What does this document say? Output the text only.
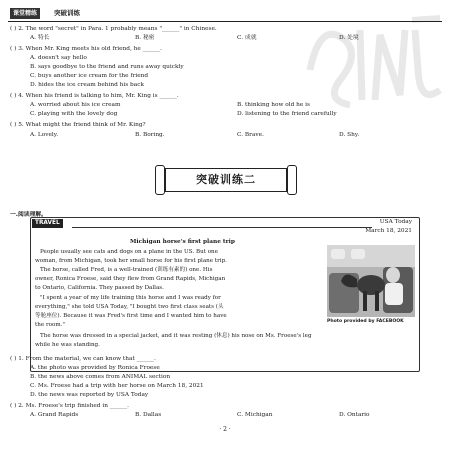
课堂精练	突破训练
( ) 2. The word "secret" in Para. 1 probably means "______" in Chinese.
A. 特长	B. 秘密	C. 成就	D. 处境
( ) 3. When Mr. King meets his old friend, he ______.
A. doesn't say hello
B. says goodbye to the friend and runs away quickly
C. buys another ice cream for the friend
D. hides the ice cream behind his back
( ) 4. When his friend is talking to him, Mr. King is ______.
A. worried about his ice cream	B. thinking how old he is
C. playing with the lovely dog	D. listening to the friend carefully
( ) 5. What might the friend think of Mr. King?
A. Lovely.	B. Boring.	C. Brave.	D. Shy.
突破训练二
一.阅读理解。
TRAVEL	USA Today
March 18, 2021
Michigan horse's first plane trip
People usually see cats and dogs on a plane in the US. But one
woman, from Michigan, took her small horse for his first plane trip.
The horse, called Fred, is a well-trained (训练有素的) one. His
owner, Ronica Froese, said they flew from Grand Rapids, Michigan
to Ontario, California. They passed by Dallas.
"I spent a year of my life training this horse and I was ready for
everything," she told USA Today, "I bought two first class seats (头
等舱座位). Because it was Fred's first time and I wanted him to have
the room."
The horse was dressed in a special jacket, and it was resting (休息) his nose on Ms. Froese's leg
while he was standing.
Photo provided by FACEBOOK
( ) 1. From the material, we can know that ______.
A. the photo was provided by Ronica Froese
B. the news above comes from ANIMAL section
C. Ms. Froese had a trip with her horse on March 18, 2021
D. the news was reported by USA Today
( ) 2. Ms. Froese's trip finished in ______.
A. Grand Rapids	B. Dallas	C. Michigan	D. Ontario
· 2 ·
